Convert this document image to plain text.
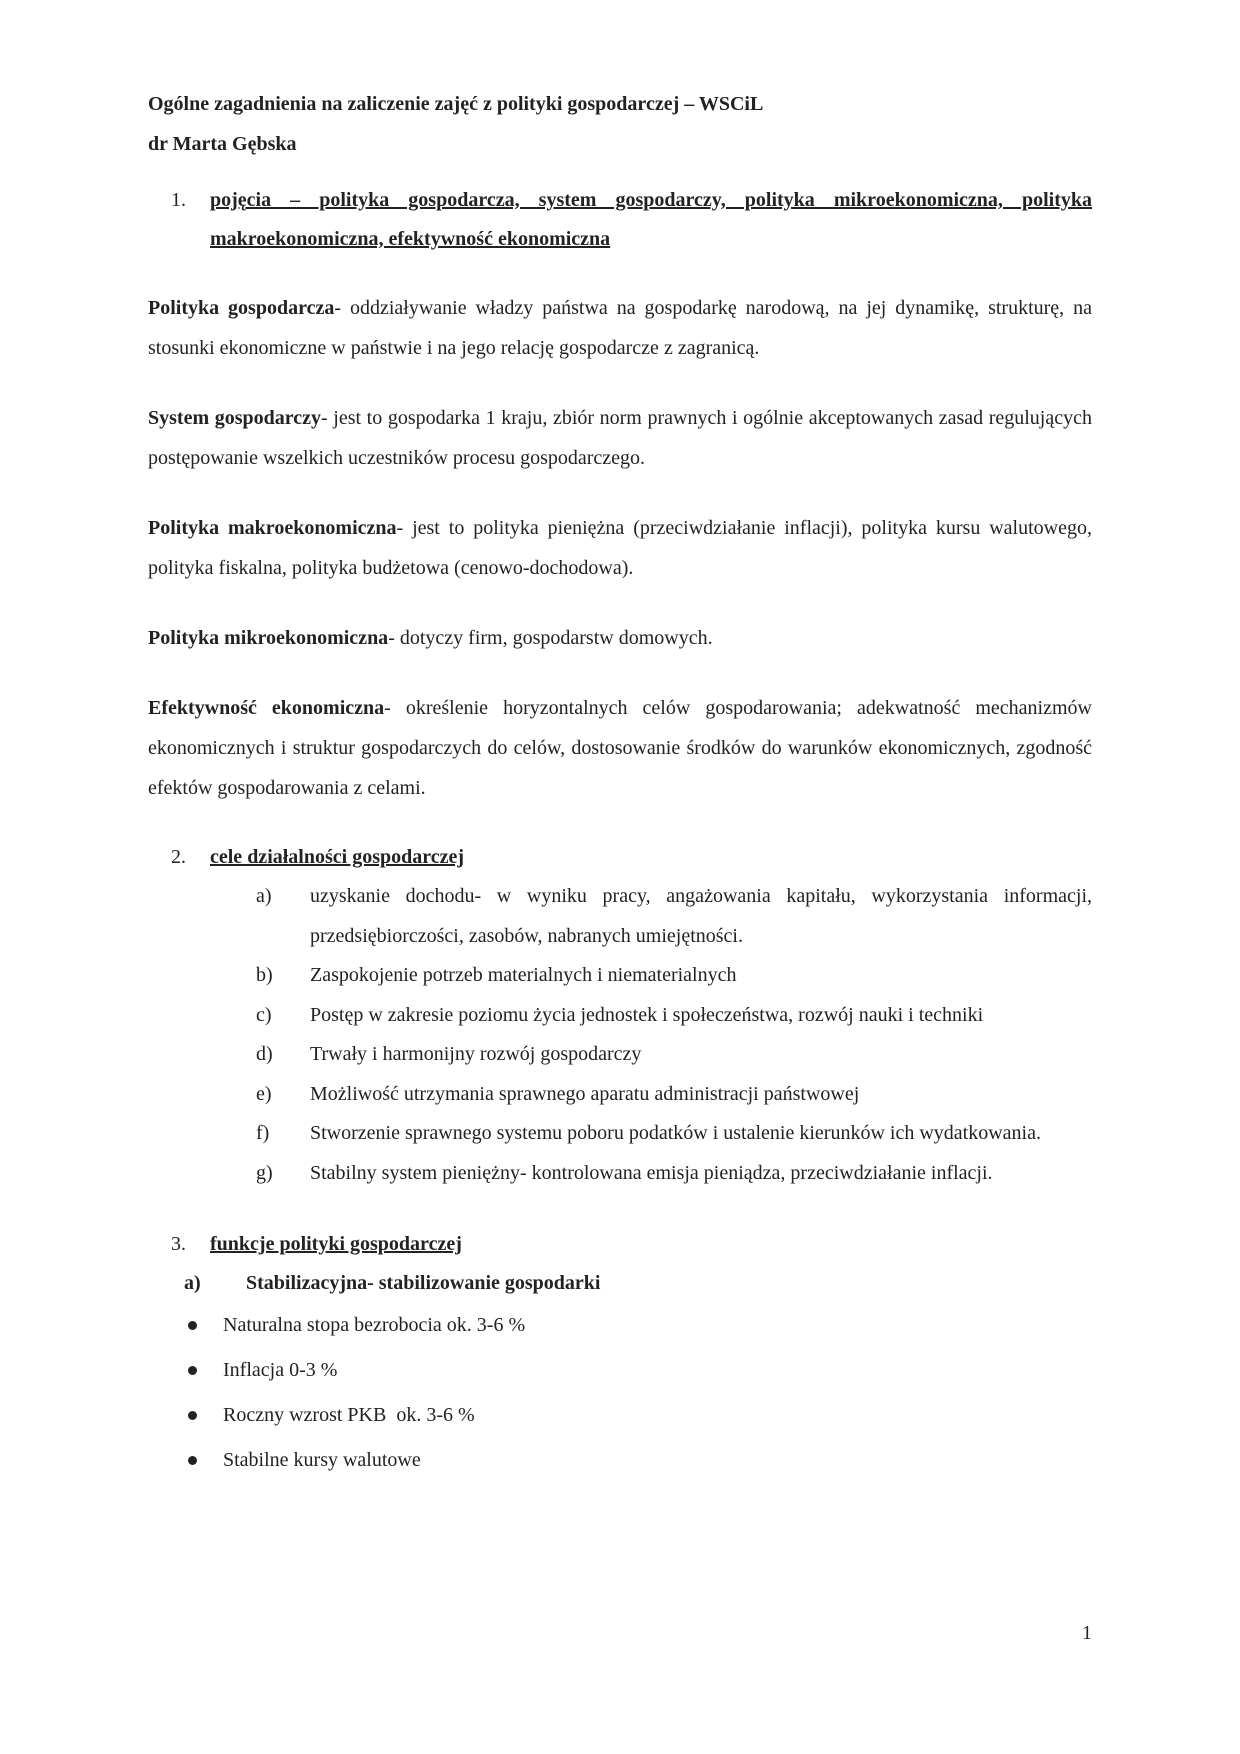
Ogólne zagadnienia na zaliczenie zajęć z polityki gospodarczej – WSCiL
dr Marta Gębska
1. pojęcia – polityka gospodarcza, system gospodarczy, polityka mikroekonomiczna, polityka makroekonomiczna, efektywność ekonomiczna
Polityka gospodarcza- oddziaływanie władzy państwa na gospodarkę narodową, na jej dynamikę, strukturę, na stosunki ekonomiczne w państwie i na jego relację gospodarcze z zagranicą.
System gospodarczy- jest to gospodarka 1 kraju, zbiór norm prawnych i ogólnie akceptowanych zasad regulujących postępowanie wszelkich uczestników procesu gospodarczego.
Polityka makroekonomiczna- jest to polityka pieniężna (przeciwdziałanie inflacji), polityka kursu walutowego, polityka fiskalna, polityka budżetowa (cenowo-dochodowa).
Polityka mikroekonomiczna- dotyczy firm, gospodarstw domowych.
Efektywność ekonomiczna- określenie horyzontalnych celów gospodarowania; adekwatność mechanizmów ekonomicznych i struktur gospodarczych do celów, dostosowanie środków do warunków ekonomicznych, zgodność efektów gospodarowania z celami.
2. cele działalności gospodarczej
a)	uzyskanie dochodu- w wyniku pracy, angażowania kapitału, wykorzystania informacji, przedsiębiorczości, zasobów, nabranych umiejętności.
b)	Zaspokojenie potrzeb materialnych i niematerialnych
c)	Postęp w zakresie poziomu życia jednostek i społeczeństwa, rozwój nauki i techniki
d)	Trwały i harmonijny rozwój gospodarczy
e)	Możliwość utrzymania sprawnego aparatu administracji państwowej
f)	Stworzenie sprawnego systemu poboru podatków i ustalenie kierunków ich wydatkowania.
g)	Stabilny system pieniężny- kontrolowana emisja pieniądza, przeciwdziałanie inflacji.
3. funkcje polityki gospodarczej
a)	Stabilizacyjna- stabilizowanie gospodarki
Naturalna stopa bezrobocia ok. 3-6 %
Inflacja 0-3 %
Roczny wzrost PKB  ok. 3-6 %
Stabilne kursy walutowe
1
